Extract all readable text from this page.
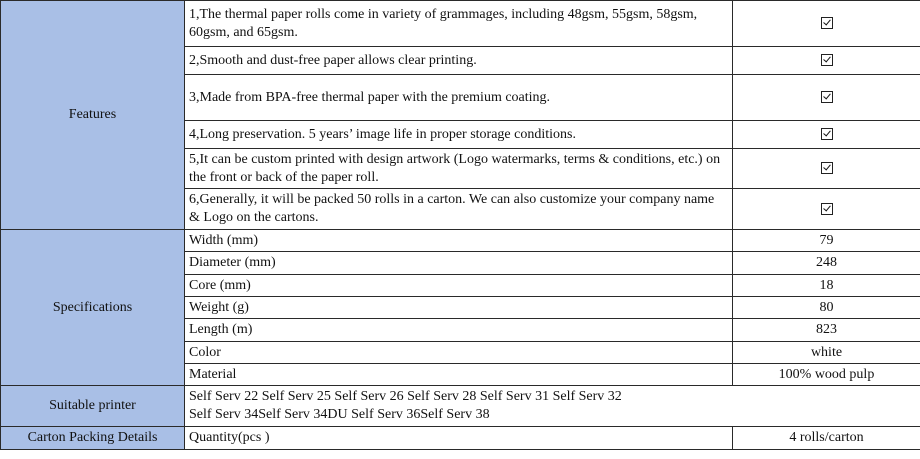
Features	1,The thermal paper rolls come in variety of grammages, including 48gsm, 55gsm, 58gsm, 60gsm, and 65gsm.	
	2,Smooth and dust-free paper allows clear printing.	
	3,Made from BPA-free thermal paper with the premium coating.	
	4,Long preservation. 5 years’ image life in proper storage conditions.	
	5,It can be custom printed with design artwork (Logo watermarks, terms & conditions, etc.) on the front or back of the paper roll.	
	6,Generally, it will be packed 50 rolls in a carton. We can also customize your company name & Logo on the cartons.	
Specifications	Width (mm)	79
	Diameter (mm)	248
	Core (mm)	18
	Weight (g)	80
	Length (m)	823
	Color	white
	Material	100% wood pulp
Suitable printer	Self Serv 22 Self Serv 25 Self Serv 26 Self Serv 28 Self Serv 31 Self Serv 32
Self Serv 34Self Serv 34DU Self Serv 36Self Serv 38	

Carton Packing Details	Quantity(pcs )	4 rolls/carton
